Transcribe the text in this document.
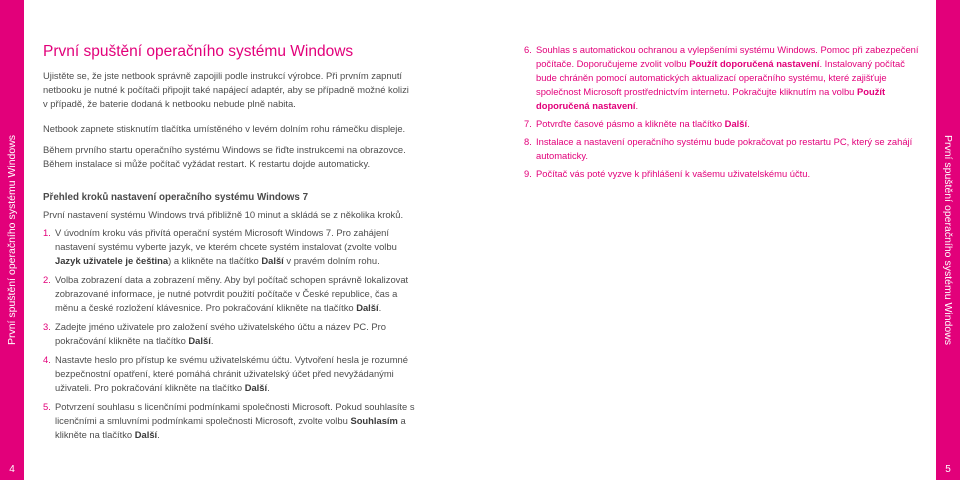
První spuštění operačního systému Windows
4
První spuštění operačního systému Windows
5
První spuštění operačního systému Windows

Ujistěte se, že jste netbook správně zapojili podle instrukcí výrobce. Při prvním zapnutí netbooku je nutné k počítači připojit také napájecí adaptér, aby se případně možné kolizi v případě, že baterie dodaná k netbooku nebude plně nabita.

Netbook zapnete stisknutím tlačítka umístěného v levém dolním rohu rámečku displeje.

Během prvního startu operačního systému Windows se řiďte instrukcemi na obrazovce. Během instalace si může počítač vyžádat restart. K restartu dojde automaticky.

Přehled kroků nastavení operačního systému Windows 7

První nastavení systému Windows trvá přibližně 10 minut a skládá se z několika kroků.

1. V úvodním kroku vás přivítá operační systém Microsoft Windows 7. Pro zahájení nastavení systému vyberte jazyk, ve kterém chcete systém instalovat (zvolte volbu Jazyk uživatele je čeština) a klikněte na tlačítko Další v pravém dolním rohu.

2. Volba zobrazení data a zobrazení měny. Aby byl počítač schopen správně lokalizovat zobrazované informace, je nutné potvrdit použití počítače v České republice, čas a měnu a české rozložení klávesnice. Pro pokračování klikněte na tlačítko Další.

3. Zadejte jméno uživatele pro založení svého uživatelského účtu a název PC. Pro pokračování klikněte na tlačítko Další.

4. Nastavte heslo pro přístup ke svému uživatelskému účtu. Vytvoření hesla je rozumné bezpečnostní opatření, které pomáhá chránit uživatelský účet před nevyžádanými uživateli. Pro pokračování klikněte na tlačítko Další.

5. Potvrzení souhlasu s licenčními podmínkami společnosti Microsoft. Pokud souhlasíte s licenčními a smluvními podmínkami společnosti Microsoft, zvolte volbu Souhlasím a klikněte na tlačítko Další.

6. Souhlas s automatickou ochranou a vylepšeními systému Windows. Pomoc při zabezpečení počítače. Doporučujeme zvolit volbu Použít doporučená nastavení. Instalovaný počítač bude chráněn pomocí automatických aktualizací operačního systému, které zajišťuje společnost Microsoft prostřednictvím internetu. Pokračujte kliknutím na volbu Použít doporučená nastavení.

7. Potvrďte časové pásmo a klikněte na tlačítko Další.

8. Instalace a nastavení operačního systému bude pokračovat po restartu PC, který se zahájí automaticky.

9. Počítač vás poté vyzve k přihlášení k vašemu uživatelskému účtu.
